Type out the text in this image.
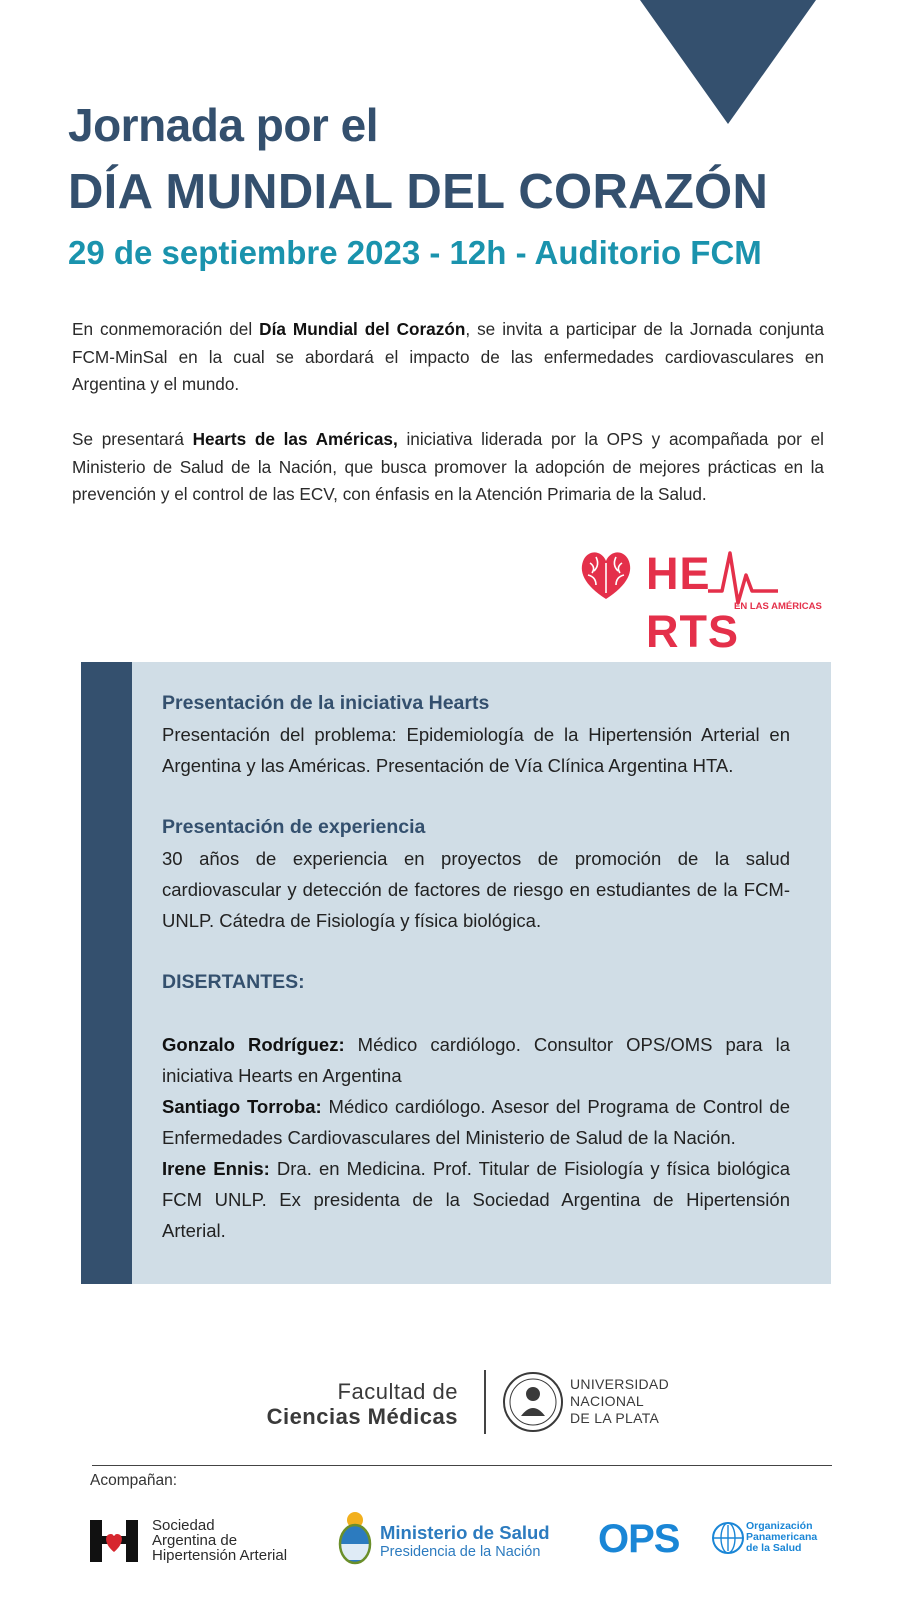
Jornada por el
DÍA MUNDIAL DEL CORAZÓN
29 de septiembre 2023 - 12h - Auditorio FCM

En conmemoración del Día Mundial del Corazón, se invita a participar de la Jornada conjunta FCM-MinSal en la cual se abordará el impacto de las enfermedades cardiovasculares en Argentina y el mundo.

Se presentará Hearts de las Américas, iniciativa liderada por la OPS y acompañada por el Ministerio de Salud de la Nación, que busca promover la adopción de mejores prácticas en la prevención y el control de las ECV, con énfasis en la Atención Primaria de la Salud.

HERTS
EN LAS AMÉRICAS

Presentación de la iniciativa Hearts

Presentación del problema: Epidemiología de la Hipertensión Arterial en Argentina y las Américas. Presentación de Vía Clínica Argentina HTA.

Presentación de experiencia

30 años de experiencia en proyectos de promoción de la salud cardiovascular y detección de factores de riesgo en estudiantes de la FCM-UNLP. Cátedra de Fisiología y física biológica.

DISERTANTES:

Gonzalo Rodríguez: Médico cardiólogo. Consultor OPS/OMS para la iniciativa Hearts en Argentina

Santiago Torroba: Médico cardiólogo. Asesor del Programa de Control de Enfermedades Cardiovasculares del Ministerio de Salud de la Nación.

Irene Ennis: Dra. en Medicina. Prof. Titular de Fisiología y física biológica FCM UNLP. Ex presidenta de la Sociedad Argentina de Hipertensión Arterial.

Facultad de
Ciencias Médicas
UNIVERSIDAD
NACIONAL
DE LA PLATA
Acompañan:
Sociedad
Argentina de
Hipertensión Arterial
Ministerio de Salud
Presidencia de la Nación OPS	Organización
Panamericana
de la Salud
